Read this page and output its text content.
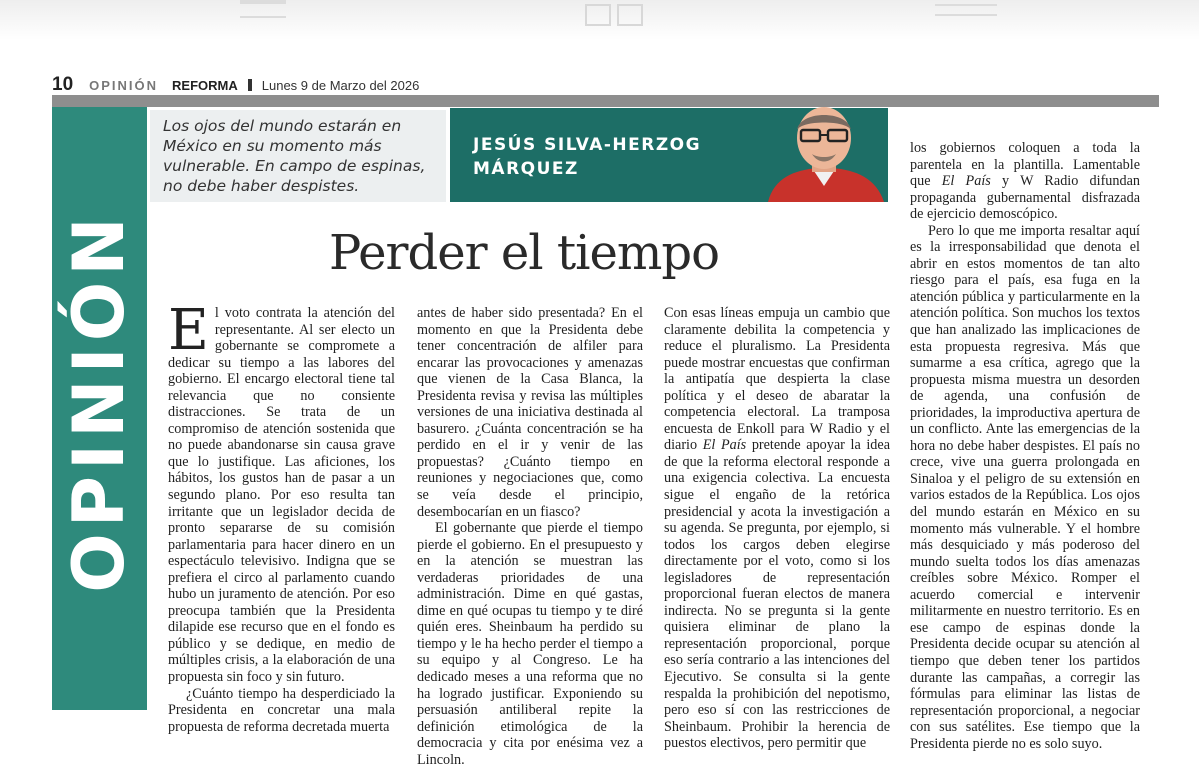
10 OPINIÓN REFORMA Lunes 9 de Marzo del 2026
OPINIÓN
Los ojos del mundo estarán en México en su momento más vulnerable. En campo de espinas, no debe haber despistes.
JESÚS SILVA-HERZOG
MÁRQUEZ
Perder el tiempo

El voto contrata la atención del representante. Al ser electo un gobernante se compromete a dedicar su tiempo a las labores del gobierno. El encargo electoral tiene tal relevancia que no consiente distracciones. Se trata de un compromiso de atención sostenida que no puede abandonarse sin causa grave que lo justifique. Las aficiones, los hábitos, los gustos han de pasar a un segundo plano. Por eso resulta tan irritante que un legislador decida de pronto separarse de su comisión parlamentaria para hacer dinero en un espectáculo televisivo. Indigna que se prefiera el circo al parlamento cuando hubo un juramento de atención. Por eso preocupa también que la Presidenta dilapide ese recurso que en el fondo es público y se dedique, en medio de múltiples crisis, a la elaboración de una propuesta sin foco y sin futuro.

¿Cuánto tiempo ha desperdiciado la Presidenta en concretar una mala propuesta de reforma decretada muerta

antes de haber sido presentada? En el momento en que la Presidenta debe tener concentración de alfiler para encarar las provocaciones y amenazas que vienen de la Casa Blanca, la Presidenta revisa y revisa las múltiples versiones de una iniciativa destinada al basurero. ¿Cuánta concentración se ha perdido en el ir y venir de las propuestas? ¿Cuánto tiempo en reuniones y negociaciones que, como se veía desde el principio, desembocarían en un fiasco?

El gobernante que pierde el tiempo pierde el gobierno. En el presupuesto y en la atención se muestran las verdaderas prioridades de una administración. Dime en qué gastas, dime en qué ocupas tu tiempo y te diré quién eres. Sheinbaum ha perdido su tiempo y le ha hecho perder el tiempo a su equipo y al Congreso. Le ha dedicado meses a una reforma que no ha logrado justificar. Exponiendo su persuasión antiliberal repite la definición etimológica de la democracia y cita por enésima vez a Lincoln.

Con esas líneas empuja un cambio que claramente debilita la competencia y reduce el pluralismo. La Presidenta puede mostrar encuestas que confirman la antipatía que despierta la clase política y el deseo de abaratar la competencia electoral. La tramposa encuesta de Enkoll para W Radio y el diario El País pretende apoyar la idea de que la reforma electoral responde a una exigencia colectiva. La encuesta sigue el engaño de la retórica presidencial y acota la investigación a su agenda. Se pregunta, por ejemplo, si todos los cargos deben elegirse directamente por el voto, como si los legisladores de representación proporcional fueran electos de manera indirecta. No se pregunta si la gente quisiera eliminar de plano la representación proporcional, porque eso sería contrario a las intenciones del Ejecutivo. Se consulta si la gente respalda la prohibición del nepotismo, pero eso sí con las restricciones de Sheinbaum. Prohibir la herencia de puestos electivos, pero permitir que

los gobiernos coloquen a toda la parentela en la plantilla. Lamentable que El País y W Radio difundan propaganda gubernamental disfrazada de ejercicio demoscópico.

Pero lo que me importa resaltar aquí es la irresponsabilidad que denota el abrir en estos momentos de tan alto riesgo para el país, esa fuga en la atención pública y particularmente en la atención política. Son muchos los textos que han analizado las implicaciones de esta propuesta regresiva. Más que sumarme a esa crítica, agrego que la propuesta misma muestra un desorden de agenda, una confusión de prioridades, la improductiva apertura de un conflicto. Ante las emergencias de la hora no debe haber despistes. El país no crece, vive una guerra prolongada en Sinaloa y el peligro de su extensión en varios estados de la República. Los ojos del mundo estarán en México en su momento más vulnerable. Y el hombre más desquiciado y más poderoso del mundo suelta todos los días amenazas creíbles sobre México. Romper el acuerdo comercial e intervenir militarmente en nuestro territorio. Es en ese campo de espinas donde la Presidenta decide ocupar su atención al tiempo que deben tener los partidos durante las campañas, a corregir las fórmulas para eliminar las listas de representación proporcional, a negociar con sus satélites. Ese tiempo que la Presidenta pierde no es solo suyo.
